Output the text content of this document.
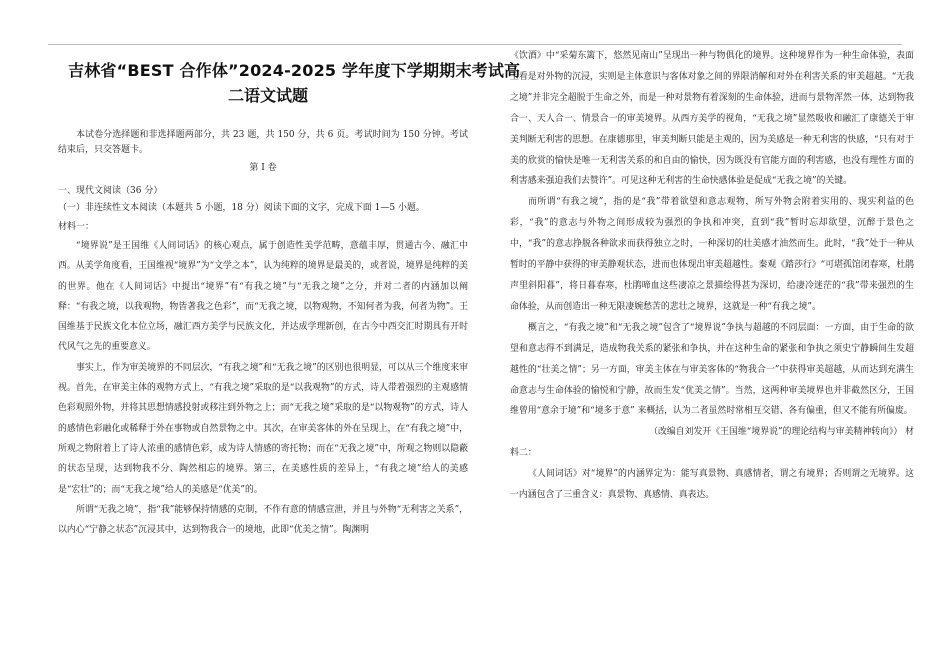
吉林省“BEST 合作体”2024-2025 学年度下学期期末考试高
二语文试题
本试卷分选择题和非选择题两部分，共 23 题，共 150 分，共 6 页。考试时间为 150 分钟。考试结束后，只交答题卡。
第 I 卷
一、现代文阅读（36 分）
（一）非连续性文本阅读（本题共 5 小题，18 分）阅读下面的文字，完成下面 1—5 小题。
材料一：

“境界说”是王国维《人间词话》的核心观点，属于创造性美学范畴，意蕴丰厚，贯通古今、融汇中西。从美学角度看，王国维视“境界”为“文学之本”，认为纯粹的境界是最美的，或者说，境界是纯粹的美的世界。他在《人间词话》中提出“境界”有“有我之境”与“无我之境”之分，并对二者的内涵加以阐释：“有我之境，以我观物，物皆著我之色彩”，而“无我之境，以物观物，不知何者为我，何者为物”。王国维基于民族文化本位立场，融汇西方美学与民族文化，并达成学理新创，在古今中西交汇时期具有开时代风气之先的重要意义。

事实上，作为审美境界的不同层次，“有我之境”和“无我之境”的区别也很明显，可以从三个维度来审视。首先，在审美主体的观物方式上，“有我之境”采取的是“以我观物”的方式，诗人带着强烈的主观感情色彩观照外物，并将其思想情感投射或移注到外物之上；而“无我之境”采取的是“以物观物”的方式，诗人的感情色彩融化或稀释于外在事物或自然景物之中。其次，在审美客体的外在呈现上，在“有我之境”中，所观之物附着上了诗人浓重的感情色彩，成为诗人情感的寄托物；而在“无我之境”中，所观之物则以隐蔽的状态呈现，达到物我不分、陶然相忘的境界。第三，在美感性质的差异上，“有我之境”给人的美感是“宏壮”的；而“无我之境”给人的美感是“优美”的。

所谓“无我之境”，指“我”能够保持情感的克制，不作有意的情感宣泄，并且与外物“无利害之关系”，以内心“宁静之状态”沉浸其中，达到物我合一的境地，此即“优美之情”。陶渊明

《饮酒》中“采菊东篱下，悠然见南山”呈现出一种与物俱化的境界。这种境界作为一种生命体验，表面上看是对外物的沉浸，实则是主体意识与客体对象之间的界限消解和对外在利害关系的审美超越。“无我之境”并非完全超脱于生命之外，而是一种对景物有着深刻的生命体验，进而与景物浑然一体，达到物我合一、天人合一、情景合一的审美境界。从西方美学的视角，“无我之境”显然吸收和融汇了康德关于审美判断无利害的思想。在康德那里，审美判断只能是主观的，因为美感是一种无利害的快感，“只有对于美的欣赏的愉快是唯一无利害关系的和自由的愉快，因为既没有官能方面的利害感，也没有理性方面的利害感来强迫我们去赞许”。可见这种无利害的生命快感体验是促成“无我之境”的关键。

而所谓“有我之境”，指的是“我”带着欲望和意志观物，所写外物会附着实用的、现实利益的色彩，“我”的意志与外物之间形成较为强烈的争执和冲突，直到“我”暂时忘却欲望，沉醉于景色之中，“我”的意志挣脱各种欲求而获得独立之时，一种深切的壮美感才油然而生。此时，“我”处于一种从暂时的平静中获得的审美静观状态，进而也体现出审美超越性。秦观《踏莎行》“可堪孤馆闭春寒，杜鹃声里斜阳暮”，将日暮春寒，杜鹃啼血这些凄凉之景描绘得甚为深切，给凄冷迷茫的“我”带来强烈的生命体验，从而创造出一种无限凄婉愁苦的悲壮之境界，这就是一种“有我之境”。

概言之，“有我之境”和“无我之境”包含了“境界说”争执与超越的不同层面：一方面，由于生命的欲望和意志得不到满足，造成物我关系的紧张和争执，并在这种生命的紧张和争执之须史宁静瞬间生发超越性的“壮美之情”；另一方面，审美主体在与审美客体的“物我合一”中获得审美超越，从而达到充满生命意志与生命体验的愉悦和宁静，故而生发“优美之情”。当然，这两种审美境界也并非截然区分，王国维曾用“意余于境”和“境多于意” 来概括，认为二者虽然时常相互交错、各有偏重，但又不能有所偏废。

（改编自刘发开《王国维“境界说”的理论结构与审美精神转向》） 材

料二：

《人间词话》对“境界”的内涵界定为：能写真景物、真感情者，谓之有境界；否则谓之无境界。这一内涵包含了三重含义：真景物、真感情、真表达。
